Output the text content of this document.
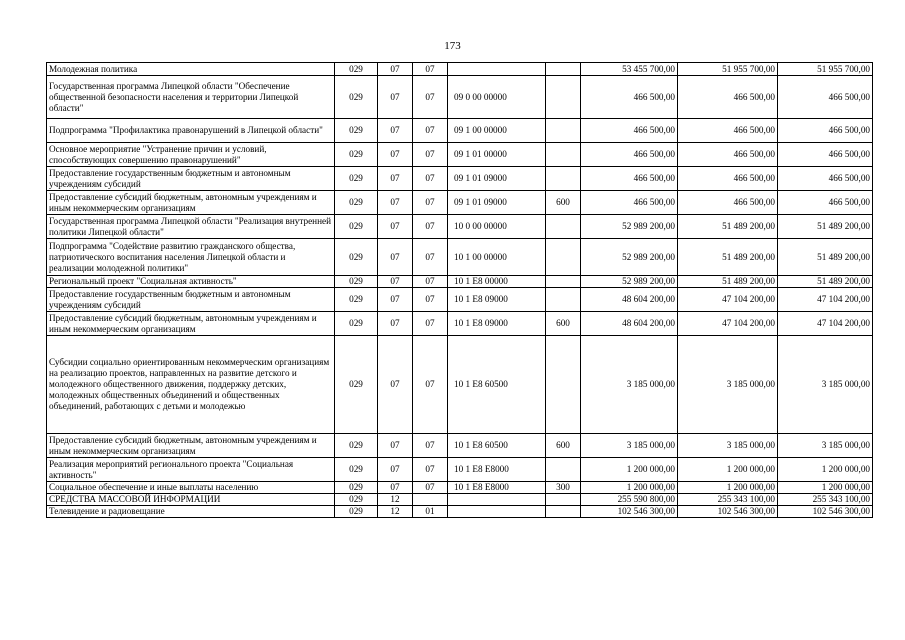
173
Молодежная политика	029	07	07			53 455 700,00	51 955 700,00	51 955 700,00
Государственная программа Липецкой области "Обеспечение общественной безопасности населения и территории Липецкой области"	029	07	07	09 0 00 00000		466 500,00	466 500,00	466 500,00
Подпрограмма "Профилактика правонарушений в Липецкой области"	029	07	07	09 1 00 00000		466 500,00	466 500,00	466 500,00
Основное мероприятие "Устранение причин и условий, способствующих совершению правонарушений"	029	07	07	09 1 01 00000		466 500,00	466 500,00	466 500,00
Предоставление государственным бюджетным и автономным учреждениям субсидий	029	07	07	09 1 01 09000		466 500,00	466 500,00	466 500,00
Предоставление субсидий бюджетным, автономным учреждениям и иным некоммерческим организациям	029	07	07	09 1 01 09000	600	466 500,00	466 500,00	466 500,00
Государственная программа Липецкой области "Реализация внутренней политики Липецкой области"	029	07	07	10 0 00 00000		52 989 200,00	51 489 200,00	51 489 200,00
Подпрограмма "Содействие развитию гражданского общества, патриотического воспитания населения Липецкой области и реализации молодежной политики"	029	07	07	10 1 00 00000		52 989 200,00	51 489 200,00	51 489 200,00
Региональный проект "Социальная активность"	029	07	07	10 1 E8 00000		52 989 200,00	51 489 200,00	51 489 200,00
Предоставление государственным бюджетным и автономным учреждениям субсидий	029	07	07	10 1 E8 09000		48 604 200,00	47 104 200,00	47 104 200,00
Предоставление субсидий бюджетным, автономным учреждениям и иным некоммерческим организациям	029	07	07	10 1 E8 09000	600	48 604 200,00	47 104 200,00	47 104 200,00
Субсидии социально ориентированным некоммерческим организациям на реализацию проектов, направленных на развитие детского и молодежного общественного движения, поддержку детских, молодежных общественных объединений и общественных объединений, работающих с детьми и молодежью	029	07	07	10 1 E8 60500		3 185 000,00	3 185 000,00	3 185 000,00
Предоставление субсидий бюджетным, автономным учреждениям и иным некоммерческим организациям	029	07	07	10 1 E8 60500	600	3 185 000,00	3 185 000,00	3 185 000,00
Реализация мероприятий регионального проекта "Социальная активность"	029	07	07	10 1 E8 E8000		1 200 000,00	1 200 000,00	1 200 000,00
Социальное обеспечение и иные выплаты населению	029	07	07	10 1 E8 E8000	300	1 200 000,00	1 200 000,00	1 200 000,00
СРЕДСТВА МАССОВОЙ ИНФОРМАЦИИ	029	12				255 590 800,00	255 343 100,00	255 343 100,00
Телевидение и радиовещание	029	12	01			102 546 300,00	102 546 300,00	102 546 300,00
